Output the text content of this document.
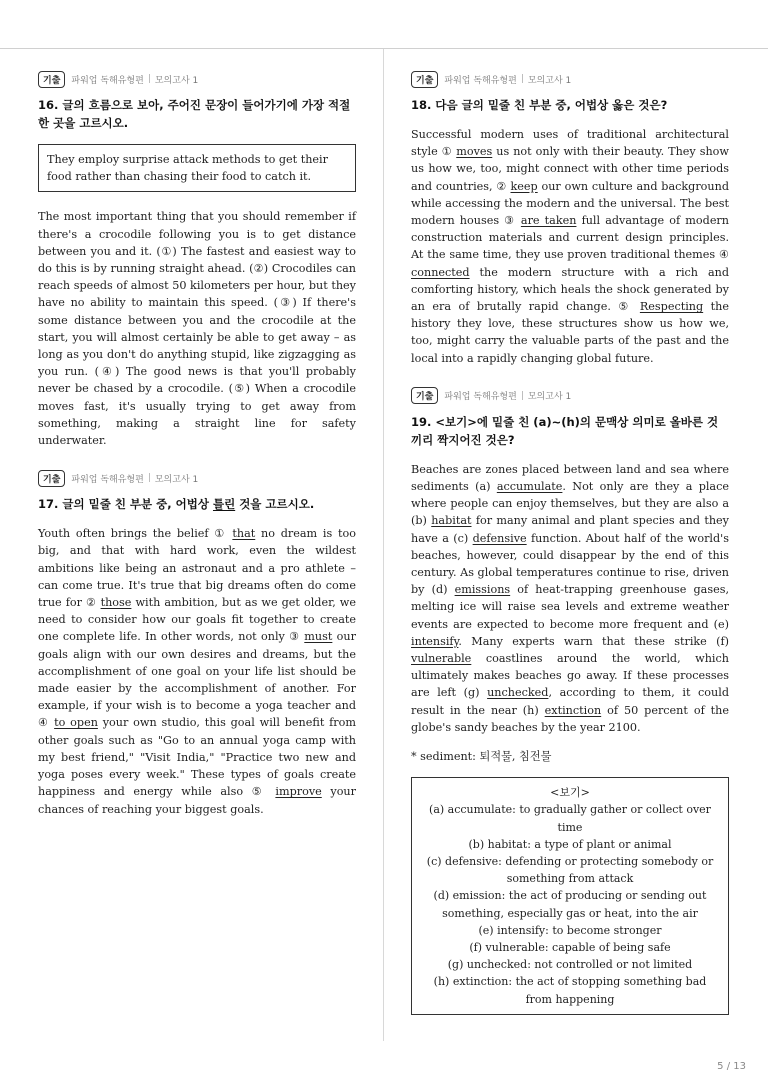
기출	파워업 독해유형편 | 모의고사 1
16. 글의 흐름으로 보아, 주어진 문장이 들어가기에 가장 적절한 곳을 고르시오.
They employ surprise attack methods to get their food rather than chasing their food to catch it.
The most important thing that you should remember if there's a crocodile following you is to get distance between you and it. (①) The fastest and easiest way to do this is by running straight ahead. (②) Crocodiles can reach speeds of almost 50 kilometers per hour, but they have no ability to maintain this speed. (③) If there's some distance between you and the crocodile at the start, you will almost certainly be able to get away – as long as you don't do anything stupid, like zigzagging as you run. (④) The good news is that you'll probably never be chased by a crocodile. (⑤) When a crocodile moves fast, it's usually trying to get away from something, making a straight line for safety underwater.
기출	파워업 독해유형편 | 모의고사 1
17. 글의 밑줄 친 부분 중, 어법상 틀린 것을 고르시오.
Youth often brings the belief ① that no dream is too big, and that with hard work, even the wildest ambitions like being an astronaut and a pro athlete – can come true. It's true that big dreams often do come true for ② those with ambition, but as we get older, we need to consider how our goals fit together to create one complete life. In other words, not only ③ must our goals align with our own desires and dreams, but the accomplishment of one goal on your life list should be made easier by the accomplishment of another. For example, if your wish is to become a yoga teacher and ④ to open your own studio, this goal will benefit from other goals such as "Go to an annual yoga camp with my best friend," "Visit India," "Practice two new and yoga poses every week." These types of goals create happiness and energy while also ⑤ improve your chances of reaching your biggest goals.
기출	파워업 독해유형편 | 모의고사 1
18. 다음 글의 밑줄 친 부분 중, 어법상 옳은 것은?
Successful modern uses of traditional architectural style ① moves us not only with their beauty. They show us how we, too, might connect with other time periods and countries, ② keep our own culture and background while accessing the modern and the universal. The best modern houses ③ are taken full advantage of modern construction materials and current design principles. At the same time, they use proven traditional themes ④ connected the modern structure with a rich and comforting history, which heals the shock generated by an era of brutally rapid change. ⑤ Respecting the history they love, these structures show us how we, too, might carry the valuable parts of the past and the local into a rapidly changing global future.
기출	파워업 독해유형편 | 모의고사 1
19. <보기>에 밑줄 친 (a)~(h)의 문맥상 의미로 올바른 것끼리 짝지어진 것은?
Beaches are zones placed between land and sea where sediments (a) accumulate. Not only are they a place where people can enjoy themselves, but they are also a (b) habitat for many animal and plant species and they have a (c) defensive function. About half of the world's beaches, however, could disappear by the end of this century. As global temperatures continue to rise, driven by (d) emissions of heat-trapping greenhouse gases, melting ice will raise sea levels and extreme weather events are expected to become more frequent and (e) intensify. Many experts warn that these strike (f) vulnerable coastlines around the world, which ultimately makes beaches go away. If these processes are left (g) unchecked, according to them, it could result in the near (h) extinction of 50 percent of the globe's sandy beaches by the year 2100.
* sediment: 퇴적물, 침전물
<보기>
(a) accumulate: to gradually gather or collect over time
(b) habitat: a type of plant or animal
(c) defensive: defending or protecting somebody or something from attack
(d) emission: the act of producing or sending out something, especially gas or heat, into the air
(e) intensify: to become stronger
(f) vulnerable: capable of being safe
(g) unchecked: not controlled or not limited
(h) extinction: the act of stopping something bad from happening
5 / 13
